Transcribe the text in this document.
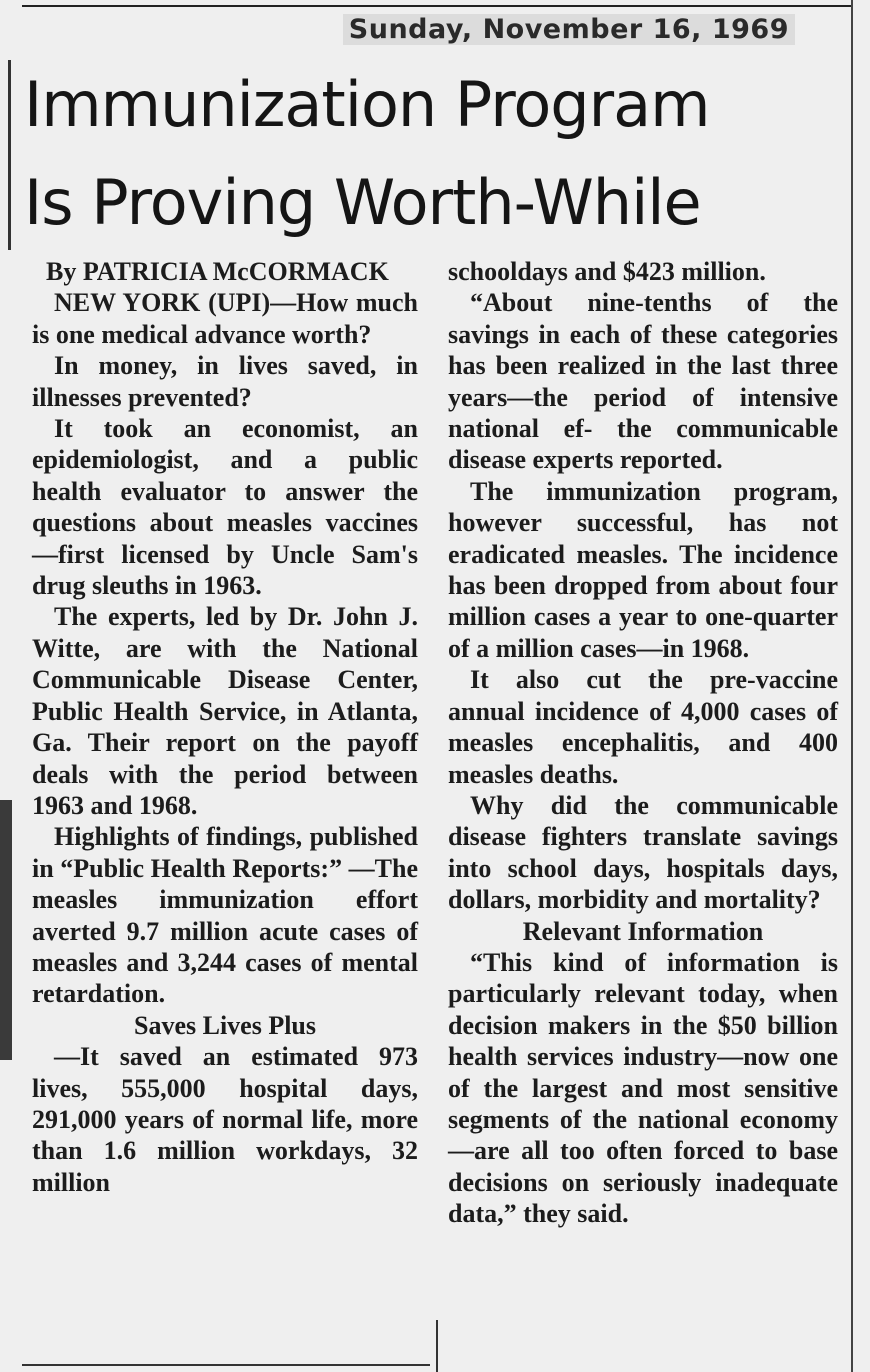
Sunday, November 16, 1969
Immunization Program
Is Proving Worth-While
By PATRICIA McCORMACK

NEW YORK (UPI)—How much is one medical advance worth?

In money, in lives saved, in illnesses prevented?

It took an economist, an epidemiologist, and a public health evaluator to answer the questions about measles vaccines—first licensed by Uncle Sam's drug sleuths in 1963.

The experts, led by Dr. John J. Witte, are with the National Communicable Disease Center, Public Health Service, in Atlanta, Ga. Their report on the payoff deals with the period between 1963 and 1968.

Highlights of findings, published in “Public Health Reports:” —The measles immunization effort averted 9.7 million acute cases of measles and 3,244 cases of mental retardation.

Saves Lives Plus

—It saved an estimated 973 lives, 555,000 hospital days, 291,000 years of normal life, more than 1.6 million workdays, 32 million

schooldays and $423 million.

“About nine-tenths of the savings in each of these categories has been realized in the last three years—the period of intensive national ef- the communicable disease experts reported.

The immunization program, however successful, has not eradicated measles. The incidence has been dropped from about four million cases a year to one-quarter of a million cases—in 1968.

It also cut the pre-vaccine annual incidence of 4,000 cases of measles encephalitis, and 400 measles deaths.

Why did the communicable disease fighters translate savings into school days, hospitals days, dollars, morbidity and mortality?

Relevant Information

“This kind of information is particularly relevant today, when decision makers in the $50 billion health services industry—now one of the largest and most sensitive segments of the national economy—are all too often forced to base decisions on seriously inadequate data,” they said.
